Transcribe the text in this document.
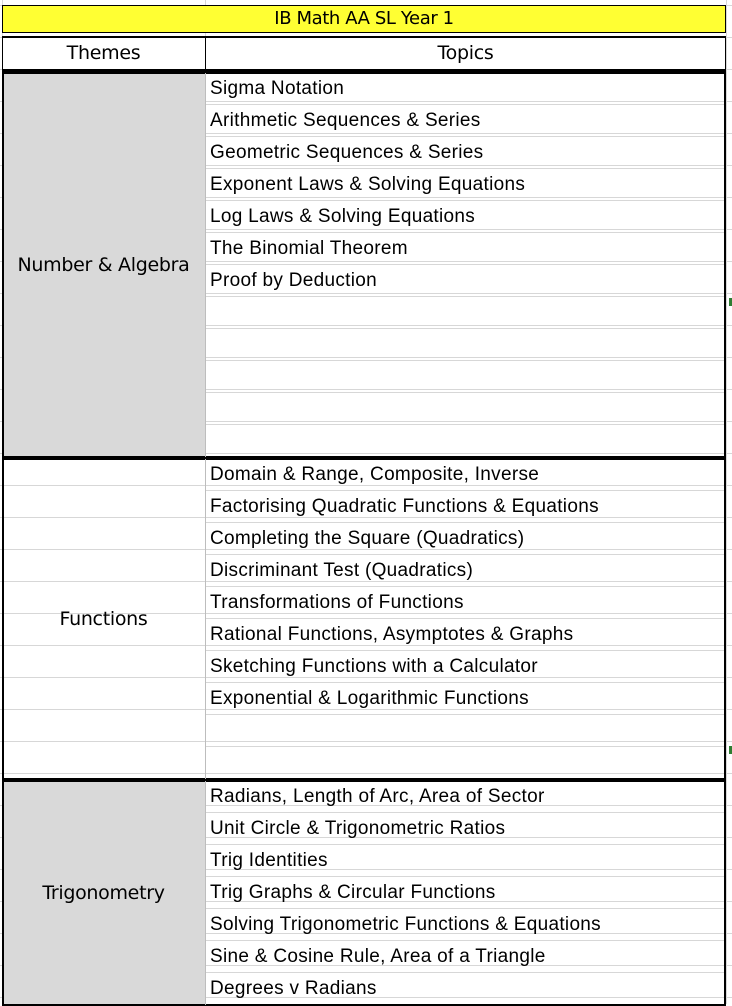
IB Math AA SL Year 1
Themes	Topics
Number & Algebra
Sigma Notation
Arithmetic Sequences & Series
Geometric Sequences & Series
Exponent Laws & Solving Equations
Log Laws & Solving Equations
The Binomial Theorem
Proof by Deduction
Functions
Domain & Range, Composite, Inverse
Factorising Quadratic Functions & Equations
Completing the Square (Quadratics)
Discriminant Test (Quadratics)
Transformations of Functions
Rational Functions, Asymptotes & Graphs
Sketching Functions with a Calculator
Exponential & Logarithmic Functions
Trigonometry
Radians, Length of Arc, Area of Sector
Unit Circle & Trigonometric Ratios
Trig Identities
Trig Graphs & Circular Functions
Solving Trigonometric Functions & Equations
Sine & Cosine Rule, Area of a Triangle
Degrees v Radians
